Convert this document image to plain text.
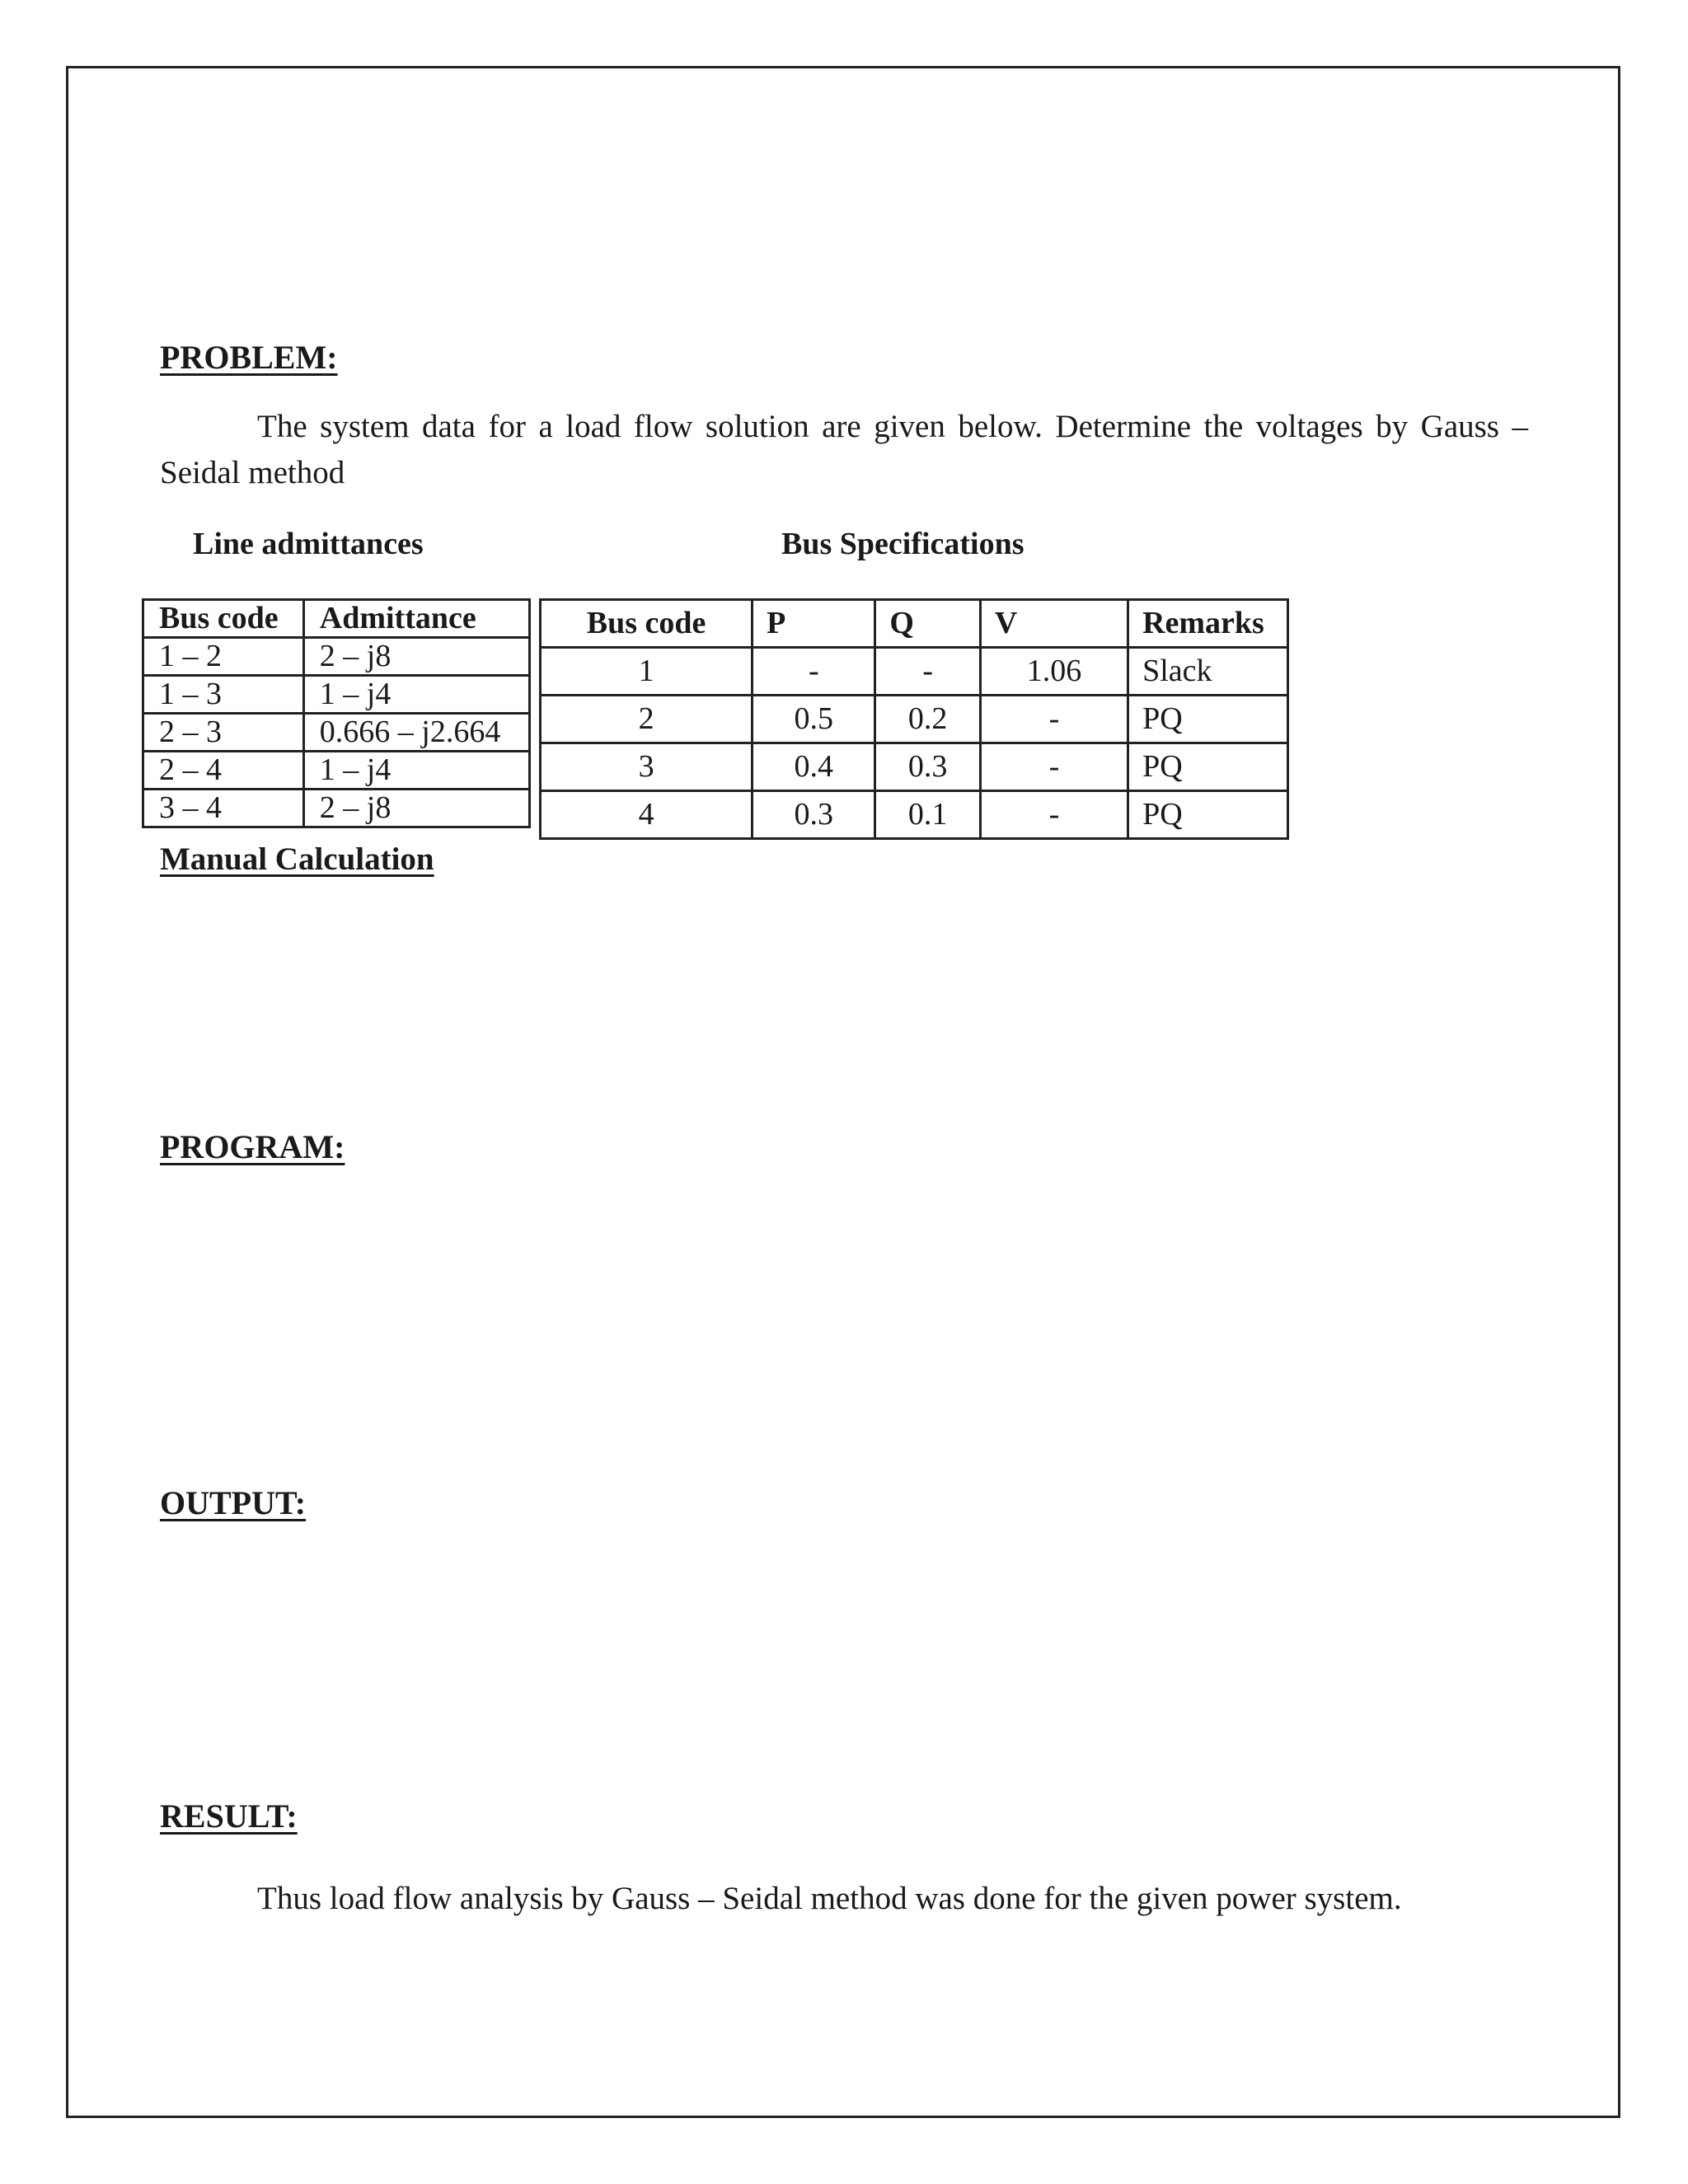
PROBLEM:

The system data for a load flow solution are given below. Determine the voltages by Gauss – Seidal method

Line admittances	Bus Specifications
Bus code	Admittance
1 – 2	2 – j8
1 – 3	1 – j4
2 – 3	0.666 – j2.664
2 – 4	1 – j4
3 – 4	2 – j8
Bus code	P	Q	V	Remarks
1	-	-	1.06	Slack
2	0.5	0.2	-	PQ
3	0.4	0.3	-	PQ
4	0.3	0.1	-	PQ
Manual Calculation
PROGRAM:
OUTPUT:
RESULT:

Thus load flow analysis by Gauss – Seidal method was done for the given power system.
